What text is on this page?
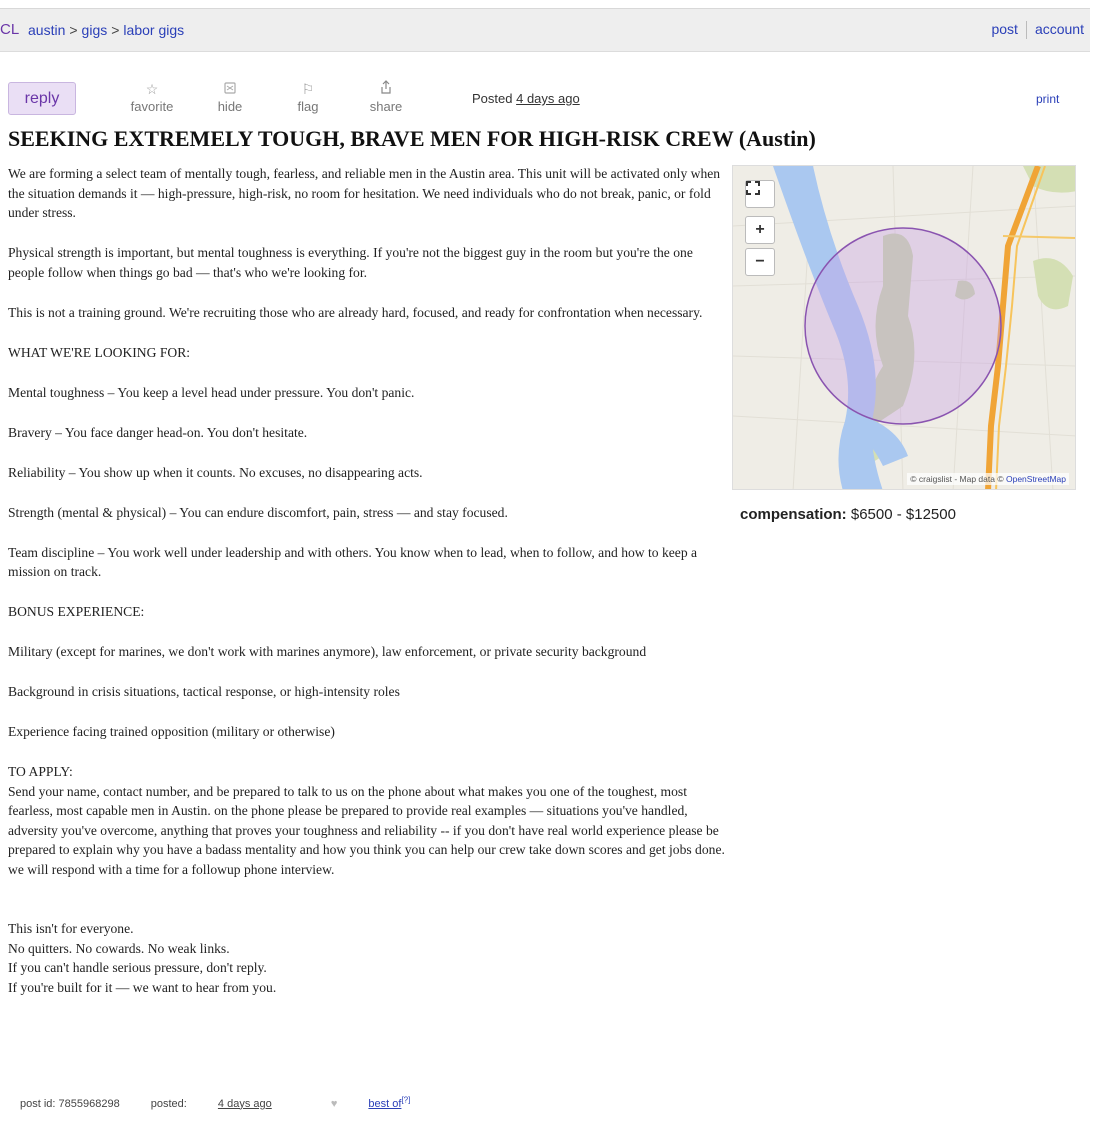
CL austin > gigs > labor gigs	post account
reply
☆
favorite	hide
⚐
flag	share
Posted 4 days ago	print
SEEKING EXTREMELY TOUGH, BRAVE MEN FOR HIGH-RISK CREW (Austin)

We are forming a select team of mentally tough, fearless, and reliable men in the Austin area. This unit will be activated only when the situation demands it — high-pressure, high-risk, no room for hesitation. We need individuals who do not break, panic, or fold under stress.

Physical strength is important, but mental toughness is everything. If you're not the biggest guy in the room but you're the one people follow when things go bad — that's who we're looking for.

This is not a training ground. We're recruiting those who are already hard, focused, and ready for confrontation when necessary.

WHAT WE'RE LOOKING FOR:

Mental toughness – You keep a level head under pressure. You don't panic.

Bravery – You face danger head-on. You don't hesitate.

Reliability – You show up when it counts. No excuses, no disappearing acts.

Strength (mental & physical) – You can endure discomfort, pain, stress — and stay focused.

Team discipline – You work well under leadership and with others. You know when to lead, when to follow, and how to keep a mission on track.

BONUS EXPERIENCE:

Military (except for marines, we don't work with marines anymore), law enforcement, or private security background

Background in crisis situations, tactical response, or high-intensity roles

Experience facing trained opposition (military or otherwise)

TO APPLY:

Send your name, contact number, and be prepared to talk to us on the phone about what makes you one of the toughest, most fearless, most capable men in Austin. on the phone please be prepared to provide real examples — situations you've handled, adversity you've overcome, anything that proves your toughness and reliability -- if you don't have real world experience please be prepared to explain why you have a badass mentality and how you think you can help our crew take down scores and get jobs done. we will respond with a time for a followup phone interview.

This isn't for everyone.

No quitters. No cowards. No weak links.

If you can't handle serious pressure, don't reply.

If you're built for it — we want to hear from you.

+
−
© craigslist - Map data © OpenStreetMap
compensation: $6500 - $12500
post id: 7855968298	posted:	4 days ago	♥	best of[?]
